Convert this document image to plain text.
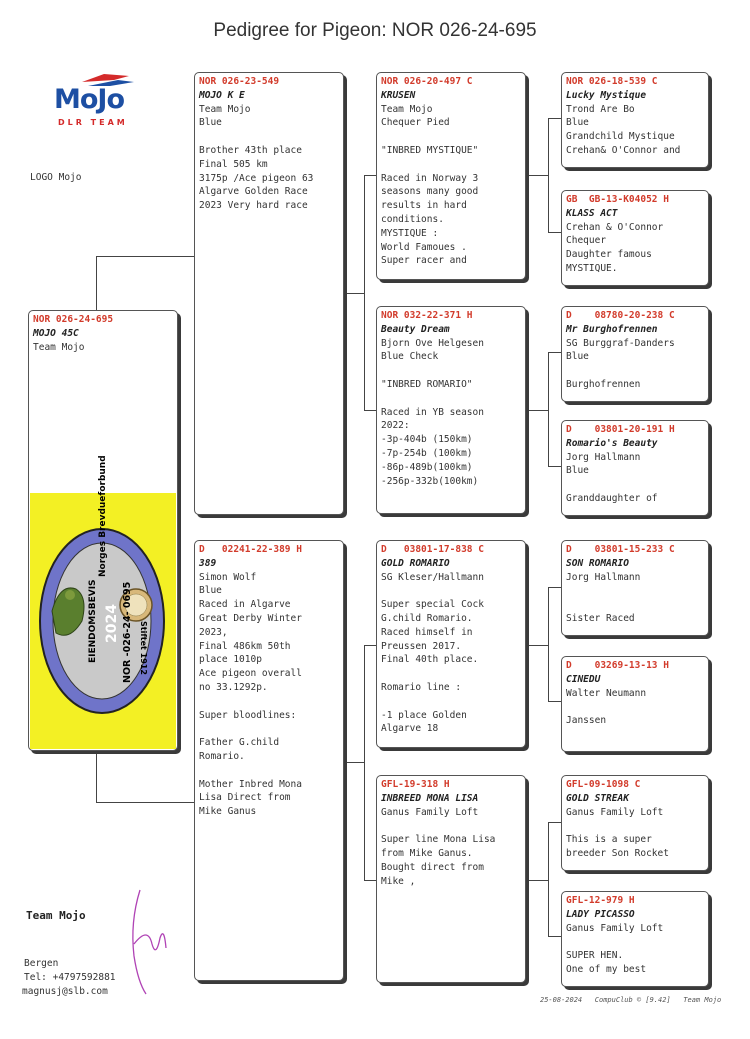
Pedigree for Pigeon: NOR 026-24-695
MoJo
DLR TEAM
LOGO Mojo
NOR 026-24-695
MOJO 45C
Team Mojo
Norges Brevdueforbund
Stiftet 1912
EIENDOMSBEVIS 2024 NOR -026-24- 0695
NOR 026-23-549
MOJO K E
Team Mojo
Blue

Brother 43th place
Final 505 km
3175p /Ace pigeon 63
Algarve Golden Race
2023 Very hard race
D   02241-22-389 H
389
Simon Wolf
Blue
Raced in Algarve
Great Derby Winter
2023,
Final 486km 50th
place 1010p
Ace pigeon overall
no 33.1292p.

Super bloodlines:

Father G.child
Romario.

Mother Inbred Mona
Lisa Direct from
Mike Ganus
NOR 026-20-497 C
KRUSEN
Team Mojo
Chequer Pied

"INBRED MYSTIQUE"

Raced in Norway 3
seasons many good
results in hard
conditions.
MYSTIQUE :
World Famoues .
Super racer and
NOR 032-22-371 H
Beauty Dream
Bjorn Ove Helgesen
Blue Check

"INBRED ROMARIO"

Raced in YB season
2022:
-3p-404b (150km)
-7p-254b (100km)
-86p-489b(100km)
-256p-332b(100km)
D   03801-17-838 C
GOLD ROMARIO
SG Kleser/Hallmann

Super special Cock
G.child Romario.
Raced himself in
Preussen 2017.
Final 40th place.

Romario line :

-1 place Golden
Algarve 18
GFL-19-318 H
INBREED MONA LISA
Ganus Family Loft

Super line Mona Lisa
from Mike Ganus.
Bought direct from
Mike ,
NOR 026-18-539 C
Lucky Mystique
Trond Are Bo
Blue
Grandchild Mystique
Crehan& O'Connor and
GB  GB-13-K04052 H
KLASS ACT
Crehan & O'Connor
Chequer
Daughter famous
MYSTIQUE.
D    08780-20-238 C
Mr Burghofrennen
SG Burggraf-Danders
Blue

Burghofrennen
D    03801-20-191 H
Romario's Beauty
Jorg Hallmann
Blue

Granddaughter of
D    03801-15-233 C
SON ROMARIO
Jorg Hallmann

Sister Raced
D    03269-13-13 H
CINEDU
Walter Neumann

Janssen
GFL-09-1098 C
GOLD STREAK
Ganus Family Loft

This is a super
breeder Son Rocket
GFL-12-979 H
LADY PICASSO
Ganus Family Loft

SUPER HEN.
One of my best
Team Mojo
Bergen
Tel: +4797592881
magnusj@slb.com
25-08-2024   CompuClub © [9.42]   Team Mojo
